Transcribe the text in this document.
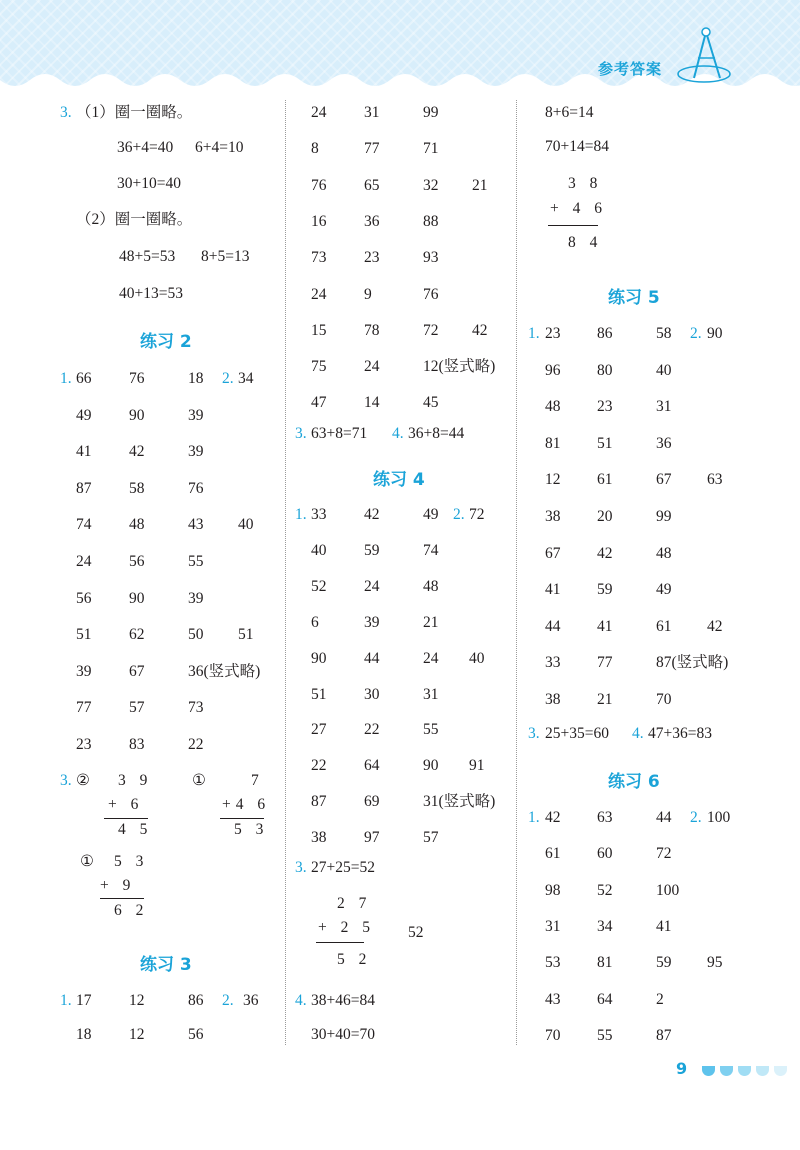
参考答案
3. （1）圈一圈略。
36+4=40 6+4=10
30+10=40
（2）圈一圈略。
48+5=53 8+5=13
40+13=53
练习 2
1.	2.
66 76	18 34
49 90	39
41 42	39
87 58	76
74 48	43 40
24 56	55
56 90	39
51 62	50 51
39 67	36(竖式略)
77 57	73
23 83	22
3. ②	①
①
3 9
+ 6
4 5
7
+4 6
5 3
5 3
+ 9
6 2
练习 3
1.	2.
17 12	86	36
18 12	56
24 31	99
8	77	71
76 65	32 21
16 36	88
73 23	93
24 9	76
15 78	72 42
75 24	12(竖式略)
47 14	45
3. 63+8=71 4. 36+8=44
练习 4
1.	2.
33 42	49 72
40 59	74
52 24	48
6	39	21
90 44	24 40
51 30	31
27 22	55
22 64	90 91
87 69	31(竖式略)
38 97	57
3. 27+25=52
2 7
+ 2 5
5 2
52
4. 38+46=84
30+40=70
8+6=14
70+14=84
3 8
+ 4 6
8 4
练习 5
1.	2.
23 86	58 90
96 80	40
48 23	31
81 51	36
12 61	67 63
38 20	99
67 42	48
41 59	49
44 41	61 42
33 77	87(竖式略)
38 21	70
3. 25+35=60 4. 47+36=83
练习 6
1.	2.
42 63	44 100
61 60	72
98 52	100
31 34	41
53 81	59 95
43 64	2
70 55	87
9
